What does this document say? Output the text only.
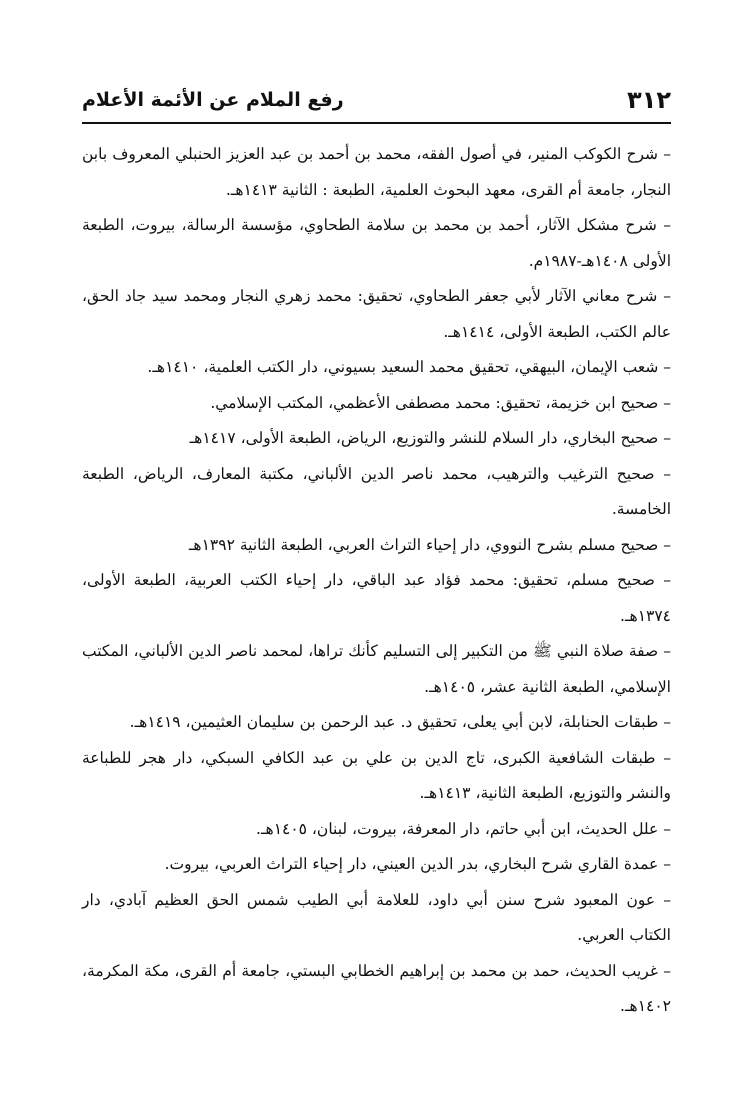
٣١٢
رفع الملام عن الأئمة الأعلام

– شرح الكوكب المنير، في أصول الفقه، محمد بن أحمد بن عبد العزيز الحنبلي المعروف بابن النجار، جامعة أم القرى، معهد البحوث العلمية، الطبعة : الثانية ١٤١٣هـ.

– شرح مشكل الآثار، أحمد بن محمد بن سلامة الطحاوي، مؤسسة الرسالة، بيروت، الطبعة الأولى ١٤٠٨هـ-١٩٨٧م.

– شرح معاني الآثار لأبي جعفر الطحاوي، تحقيق: محمد زهري النجار ومحمد سيد جاد الحق، عالم الكتب، الطبعة الأولى، ١٤١٤هـ.

– شعب الإيمان، البيهقي، تحقيق محمد السعيد بسيوني، دار الكتب العلمية، ١٤١٠هـ.

– صحيح ابن خزيمة، تحقيق: محمد مصطفى الأعظمي، المكتب الإسلامي.

– صحيح البخاري، دار السلام للنشر والتوزيع، الرياض، الطبعة الأولى، ١٤١٧هـ

– صحيح الترغيب والترهيب، محمد ناصر الدين الألباني، مكتبة المعارف، الرياض، الطبعة الخامسة.

– صحيح مسلم بشرح النووي، دار إحياء التراث العربي، الطبعة الثانية ١٣٩٢هـ

– صحيح مسلم، تحقيق: محمد فؤاد عبد الباقي، دار إحياء الكتب العربية، الطبعة الأولى، ١٣٧٤هـ.

– صفة صلاة النبي ﷺ من التكبير إلى التسليم كأنك تراها، لمحمد ناصر الدين الألباني، المكتب الإسلامي، الطبعة الثانية عشر، ١٤٠٥هـ.

– طبقات الحنابلة، لابن أبي يعلى، تحقيق د. عبد الرحمن بن سليمان العثيمين، ١٤١٩هـ.

– طبقات الشافعية الكبرى، تاج الدين بن علي بن عبد الكافي السبكي، دار هجر للطباعة والنشر والتوزيع، الطبعة الثانية، ١٤١٣هـ.

– علل الحديث، ابن أبي حاتم، دار المعرفة، بيروت، لبنان، ١٤٠٥هـ.

– عمدة القاري شرح البخاري، بدر الدين العيني، دار إحياء التراث العربي، بيروت.

– عون المعبود شرح سنن أبي داود، للعلامة أبي الطيب شمس الحق العظيم آبادي، دار الكتاب العربي.

– غريب الحديث، حمد بن محمد بن إبراهيم الخطابي البستي، جامعة أم القرى، مكة المكرمة، ١٤٠٢هـ.
